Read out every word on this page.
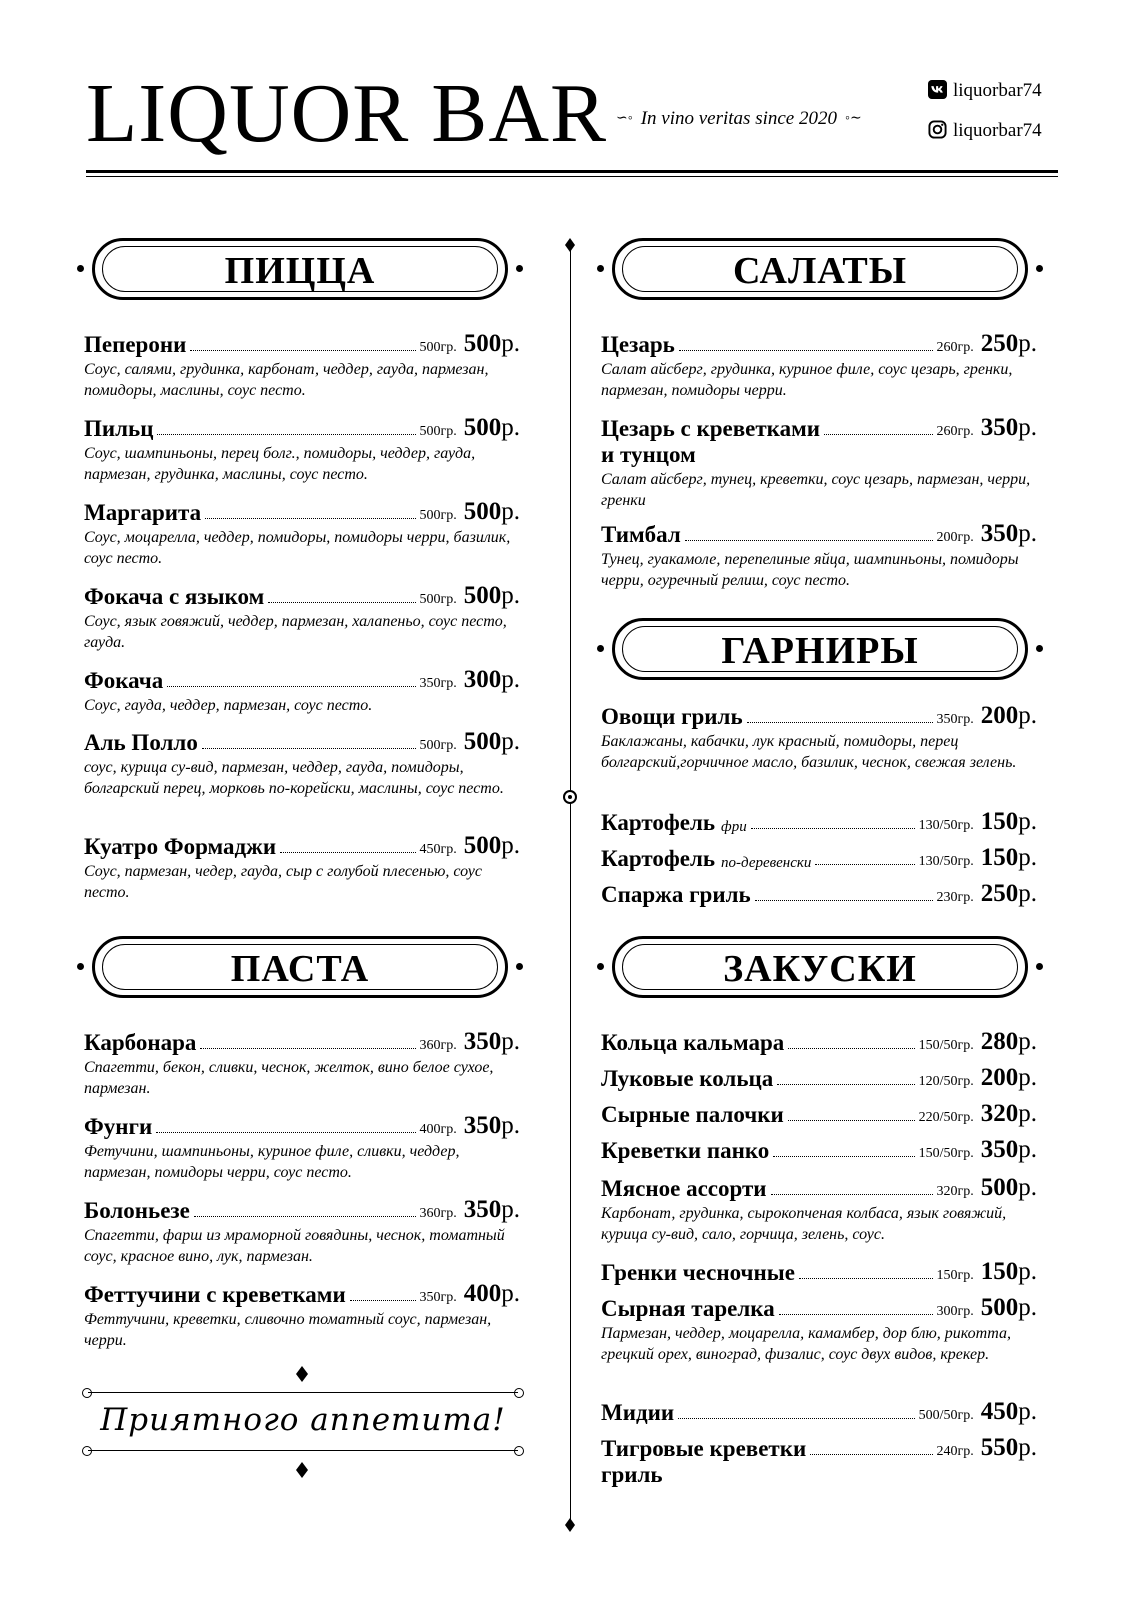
LIQUOR BAR ∽◦ In vino veritas since 2020 ◦∼
liquorbar74
liquorbar74
ПИЦЦА
Пеперони	500гр. 500р.
Соус, салями, грудинка, карбонат, чеддер, гауда, пармезан, помидоры, маслины, соус песто.
Пильц	500гр. 500р.
Соус, шампиньоны, перец болг., помидоры, чеддер, гауда, пармезан, грудинка, маслины, соус песто.
Маргарита	500гр. 500р.
Соус, моцарелла, чеддер, помидоры, помидоры черри, базилик, соус песто.
Фокача с языком	500гр. 500р.
Соус, язык говяжий, чеддер, пармезан, халапеньо, соус песто, гауда.
Фокача	350гр. 300р.
Соус, гауда, чеддер, пармезан, соус песто.
Аль Полло	500гр. 500р.
соус, курица су-вид, пармезан, чеддер, гауда, помидоры, болгарский перец, морковь по-корейски, маслины, соус песто.
Куатро Формаджи	450гр. 500р.
Соус, пармезан, чедер, гауда, сыр с голубой плесенью, соус песто.
ПАСТА
Карбонара	360гр. 350р.
Спагетти, бекон, сливки, чеснок, желток, вино белое сухое, пармезан.
Фунги	400гр. 350р.
Фетучини, шампиньоны, куриное филе, сливки, чеддер, пармезан, помидоры черри, соус песто.
Болоньезе	360гр. 350р.
Спагетти, фарш из мраморной говядины, чеснок, томатный соус, красное вино, лук, пармезан.
Феттучини с креветками	350гр. 400р.
Феттучини, креветки, сливочно томатный соус, пармезан, черри.
Приятного аппетита!
САЛАТЫ
Цезарь	260гр. 250р.
Салат айсберг, грудинка, куриное филе, соус цезарь, гренки, пармезан, помидоры черри.
Цезарь с креветками	260гр. 350р.
и тунцом
Салат айсберг, тунец, креветки, соус цезарь, пармезан, черри, гренки
Тимбал	200гр. 350р.
Тунец, гуакамоле, перепелиные яйца, шампиньоны, помидоры черри, огуречный релиш, соус песто.
ГАРНИРЫ
Овощи гриль	350гр. 200р.
Баклажаны, кабачки, лук красный, помидоры, перец болгарский,горчичное масло, базилик, чеснок, свежая зелень.
Картофель фри	130/50гр. 150р.
Картофель по-деревенски	130/50гр. 150р.
Спаржа гриль	230гр. 250р.
ЗАКУСКИ
Кольца кальмара	150/50гр. 280р.
Луковые кольца	120/50гр. 200р.
Сырные палочки	220/50гр. 320р.
Креветки панко	150/50гр. 350р.
Мясное ассорти	320гр. 500р.
Карбонат, грудинка, сырокопченая колбаса, язык говяжий, курица су-вид, сало, горчица, зелень, соус.
Гренки чесночные	150гр. 150р.
Сырная тарелка	300гр. 500р.
Пармезан, чеддер, моцарелла, камамбер, дор блю, рикотта, грецкий орех, виноград, физалис, соус двух видов, крекер.
Мидии	500/50гр. 450р.
Тигровые креветки	240гр. 550р.
гриль
